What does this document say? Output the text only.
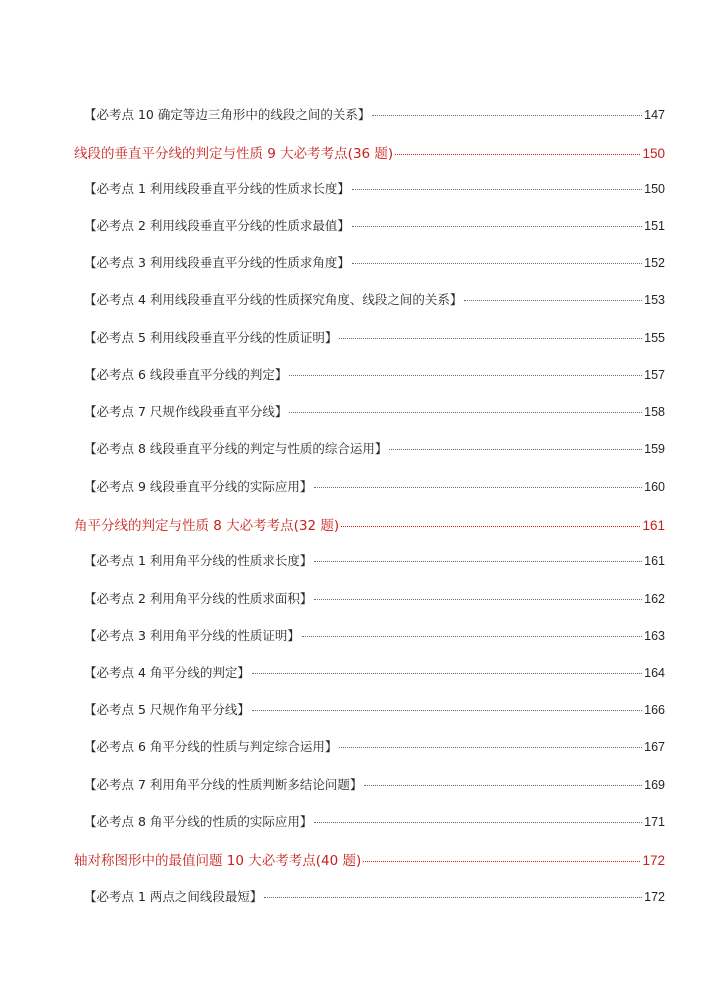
【必考点 10 确定等边三角形中的线段之间的关系】	147
线段的垂直平分线的判定与性质 9 大必考考点(36 题)	150
【必考点 1 利用线段垂直平分线的性质求长度】	150
【必考点 2 利用线段垂直平分线的性质求最值】	151
【必考点 3 利用线段垂直平分线的性质求角度】	152
【必考点 4 利用线段垂直平分线的性质探究角度、线段之间的关系】	153
【必考点 5 利用线段垂直平分线的性质证明】	155
【必考点 6 线段垂直平分线的判定】	157
【必考点 7 尺规作线段垂直平分线】	158
【必考点 8 线段垂直平分线的判定与性质的综合运用】	159
【必考点 9 线段垂直平分线的实际应用】	160
角平分线的判定与性质 8 大必考考点(32 题)	161
【必考点 1 利用角平分线的性质求长度】	161
【必考点 2 利用角平分线的性质求面积】	162
【必考点 3 利用角平分线的性质证明】	163
【必考点 4 角平分线的判定】	164
【必考点 5 尺规作角平分线】	166
【必考点 6 角平分线的性质与判定综合运用】	167
【必考点 7 利用角平分线的性质判断多结论问题】	169
【必考点 8 角平分线的性质的实际应用】	171
轴对称图形中的最值问题 10 大必考考点(40 题)	172
【必考点 1 两点之间线段最短】	172
